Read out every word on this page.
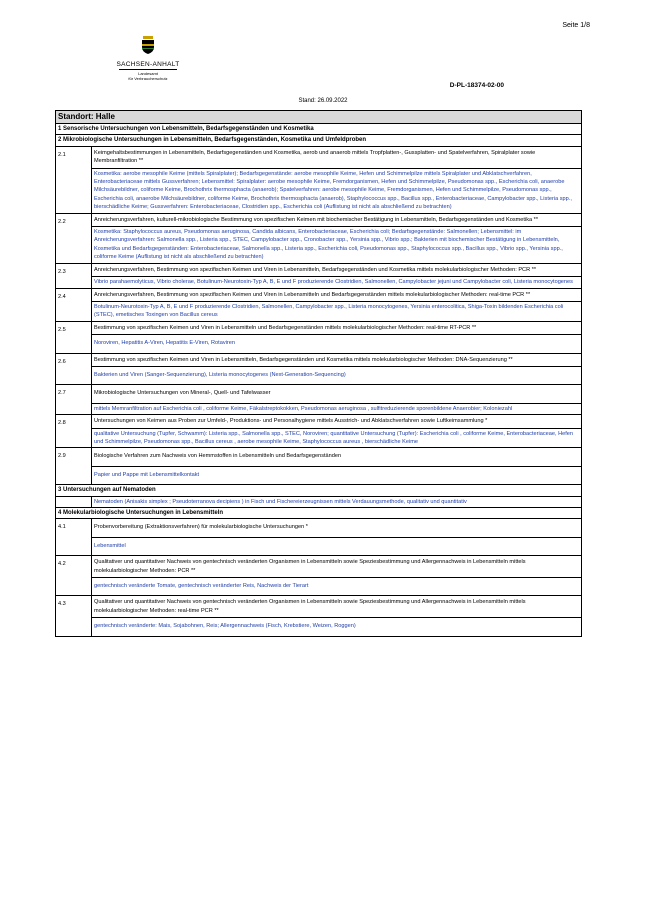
Seite 1/8
SACHSEN-ANHALT
Landesamt
für Verbraucherschutz
D-PL-18374-02-00
Stand: 26.09.2022
Standort: Halle	
1 Sensorische Untersuchungen von Lebensmitteln, Bedarfsgegenständen und Kosmetika	
2 Mikrobiologische Untersuchungen in Lebensmitteln, Bedarfsgegenständen, Kosmetika und Umfeldproben	
2.1	Keimgehaltsbestimmungen in Lebensmitteln, Bedarfsgegenständen und Kosmetika, aerob und anaerob mittels Tropfplatten-, Gussplatten- und Spatelverfahren, Spiralplater sowie Membranfiltration **
	Kosmetika: aerobe mesophile Keime (mittels Spiralplater); Bedarfsgegenstände: aerobe mesophile Keime, Hefen und Schimmelpilze mittels Spiralplater und Abklatschverfahren, Enterobacteriaceae mittels Gussverfahren; Lebensmittel: Spiralplater: aerobe mesophile Keime, Fremdorganismen, Hefen und Schimmelpilze, Pseudomonas spp., Escherichia coli, anaerobe Milchsäurebildner, coliforme Keime, Brochothrix thermosphacta (anaerob); Spatelverfahren: aerobe mesophile Keime, Fremdorganismen, Hefen und Schimmelpilze, Pseudomonas spp., Escherichia coli, anaerobe Milchsäurebildner, coliforme Keime, Brochothrix thermosphacta (anaerob), Staphylococcus spp., Bacillus spp., Enterobacteriaceae, Campylobacter spp., Listeria spp., bierschädliche Keime; Gussverfahren: Enterobacteriaceae, Clostridien spp., Escherichia coli (Auflistung ist nicht als abschließend zu betrachten)
2.2	Anreicherungsverfahren, kulturell-mikrobiologische Bestimmung von spezifischen Keimen mit biochemischer Bestätigung in Lebensmitteln, Bedarfsgegenständen und Kosmetika **
	Kosmetika: Staphylococcus aureus, Pseudomonas aeruginosa, Candida albicans, Enterobacteriaceae, Escherichia coli; Bedarfsgegenstände: Salmonellen; Lebensmittel: im Anreicherungsverfahren: Salmonella spp., Listeria spp., STEC, Campylobacter spp., Cronobacter spp., Yersinia spp., Vibrio spp.; Bakterien mit biochemischer Bestätigung in Lebensmitteln, Kosmetika und Bedarfsgegenständen: Enterobacteriaceae, Salmonella spp., Listeria spp., Escherichia coli, Pseudomonas spp., Staphylococcus spp., Bacillus spp., Vibrio spp., Yersinia spp., coliforme Keime (Auflistung ist nicht als abschließend zu betrachten)
2.3	Anreicherungsverfahren, Bestimmung von spezifischen Keimen und Viren in Lebensmitteln, Bedarfsgegenständen und Kosmetika mittels molekularbiologischer Methoden: PCR **
	Vibrio parahaemolyticus, Vibrio cholerae, Botulinum-Neurotoxin-Typ A, B, E und F produzierende Clostridien, Salmonellen, Campylobacter jejuni und Campylobacter coli, Listeria monocytogenes
2.4	Anreicherungsverfahren, Bestimmung von spezifischen Keimen und Viren in Lebensmitteln und Bedarfsgegenständen mittels molekularbiologischer Methoden: real-time PCR **
	Botulinum-Neurotoxin-Typ A, B, E und F produzierende Clostridien, Salmonellen, Campylobacter spp., Listeria monocytogenes, Yersinia enterocolitica, Shiga-Toxin bildenden Escherichia coli (STEC), emetisches Toxingen von Bacillus cereus
2.5	Bestimmung von spezifischen Keimen und Viren in Lebensmitteln und Bedarfsgegenständen mittels molekularbiologischer Methoden: real-time RT-PCR **
	Noroviren, Hepatitis A-Viren, Hepatitis E-Viren, Rotaviren
2.6	Bestimmung von spezifischen Keimen und Viren in Lebensmitteln, Bedarfsgegenständen und Kosmetika mittels molekularbiologischer Methoden: DNA-Sequenzierung **
	Bakterien und Viren (Sanger-Sequenzierung), Listeria monocytogenes (Next-Generation-Sequencing)
2.7	Mikrobiologische Untersuchungen von Mineral-, Quell- und Tafelwasser
	mittels Memranfiltration auf Escherichia coli , coliforme Keime, Fäkalstreptokokken, Pseudomonas aeruginosa , sulfitreduzierende sporenbildene Anaerobier; Koloniezahl
2.8	Untersuchungen von Keimen aus Proben zur Umfeld-, Produktions- und Personalhygiene mittels Ausstrich- und Abklatschverfahren sowie Luftkeimsammlung *
	qualitative Untersuchung (Tupfer, Schwamm): Listeria spp., Salmonella spp., STEC, Noroviren; quantitative Untersuchung (Tupfer): Escherichia coli , coliforme Keime, Enterobacteriaceae, Hefen und Schimmelpilze, Pseudomonas spp., Bacillus cereus , aerobe mesophile Keime, Staphylococcus aureus , bierschädliche Keime
2.9	Biologische Verfahren zum Nachweis von Hemmstoffen in Lebensmitteln und Bedarfsgegenständen
	Papier und Pappe mit Lebensmittelkontakt
3 Untersuchungen auf Nematoden	
	Nematoden (Anisakis simplex ; Pseudoterranova decipiens ) in Fisch und Fischereierzeugnissen mittels Verdauungsmethode, qualitativ und quantitativ
4 Molekularbiologische Untersuchungen in Lebensmitteln	
4.1	Probenvorbereitung (Extraktionsverfahren) für molekularbiologische Untersuchungen *
	Lebensmittel
4.2	Qualitativer und quantitativer Nachweis von gentechnisch veränderten Organismen in Lebensmitteln sowie Speziesbestimmung und Allergennachweis in Lebensmitteln mittels molekularbiologischer Methoden: PCR **
	gentechnisch veränderte Tomate, gentechnisch veränderter Reis, Nachweis der Tierart
4.3	Qualitativer und quantitativer Nachweis von gentechnisch veränderten Organismen in Lebensmitteln sowie Speziesbestimmung und Allergennachweis in Lebensmitteln mittels molekularbiologischer Methoden: real-time PCR **
	gentechnisch veränderte: Mais, Sojabohnen, Reis; Allergennachweis (Fisch, Krebstiere, Weizen, Roggen)
